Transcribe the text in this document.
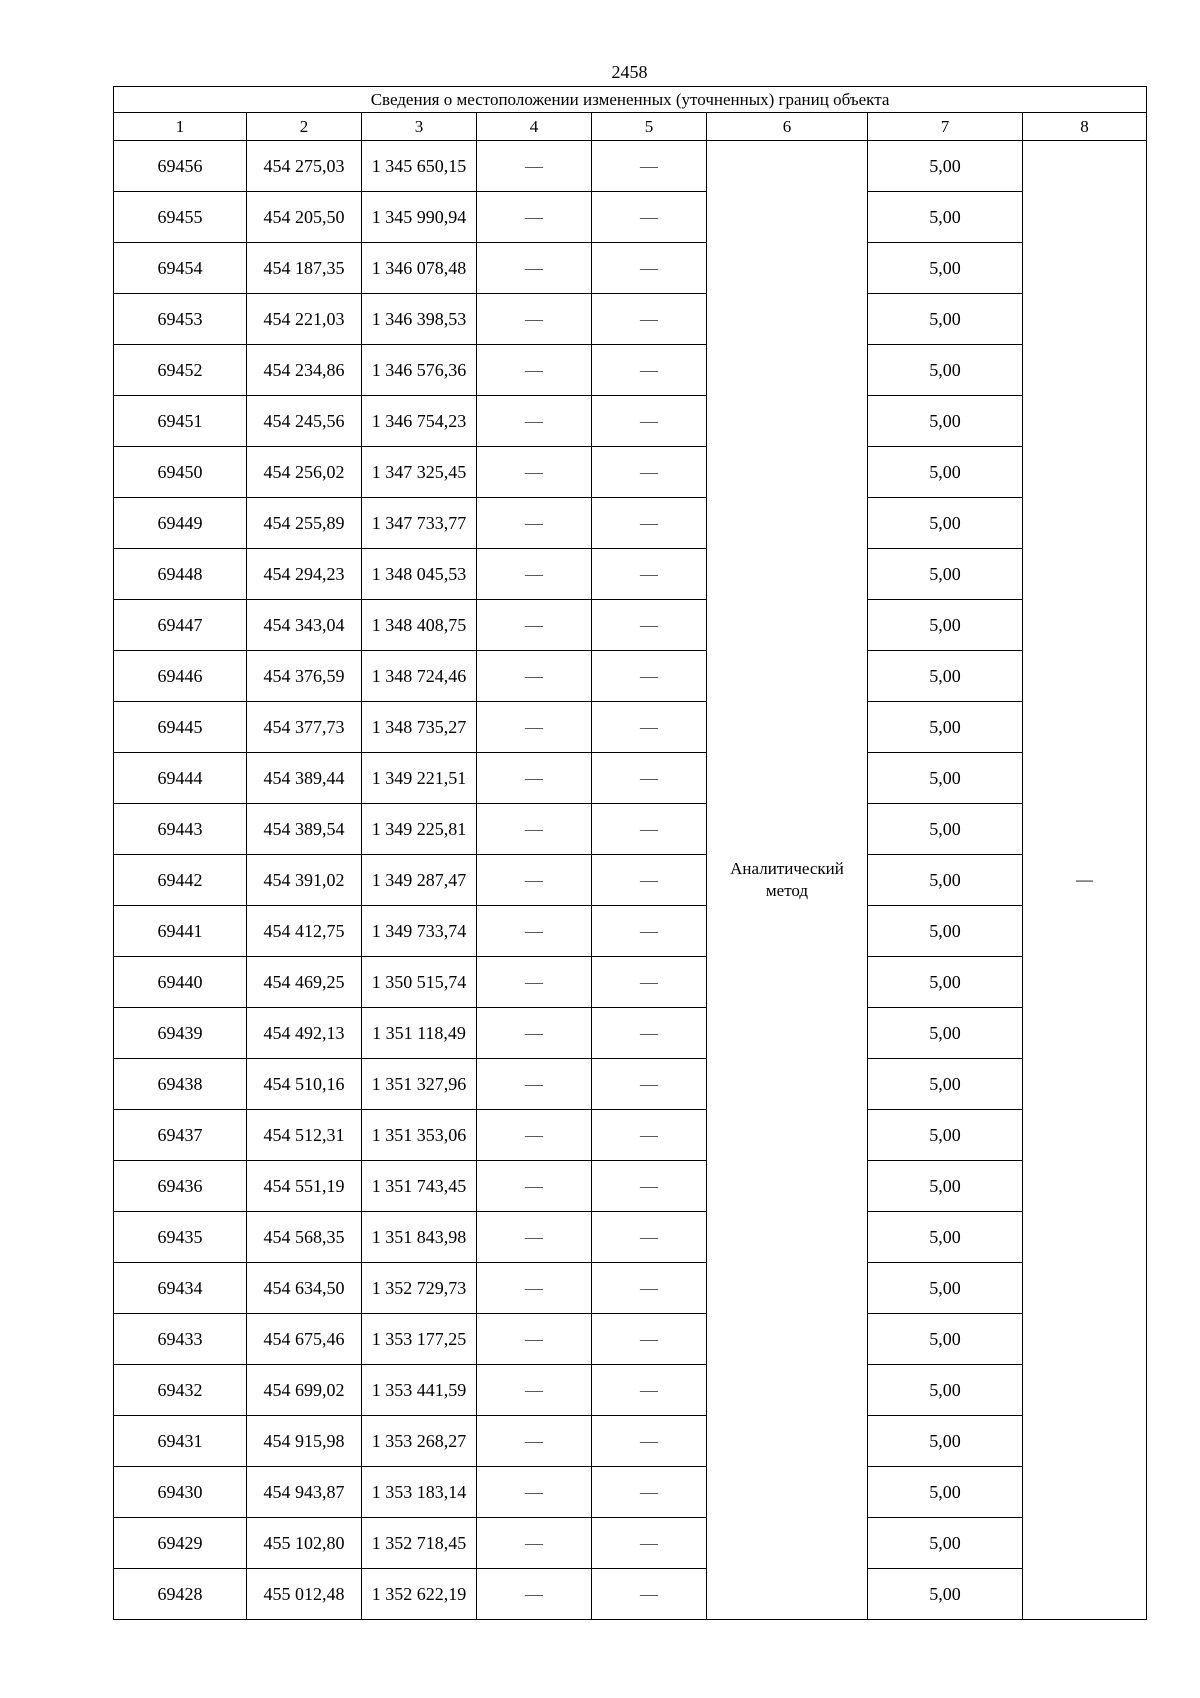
2458
Сведения о местоположении измененных (уточненных) границ объекта							
1	2	3	4	5	6	7	8
69456	454 275,03	1 345 650,15	—	—	Аналитический метод	5,00	—
69455	454 205,50	1 345 990,94	—	—		5,00	
69454	454 187,35	1 346 078,48	—	—		5,00	
69453	454 221,03	1 346 398,53	—	—		5,00	
69452	454 234,86	1 346 576,36	—	—		5,00	
69451	454 245,56	1 346 754,23	—	—		5,00	
69450	454 256,02	1 347 325,45	—	—		5,00	
69449	454 255,89	1 347 733,77	—	—		5,00	
69448	454 294,23	1 348 045,53	—	—		5,00	
69447	454 343,04	1 348 408,75	—	—		5,00	
69446	454 376,59	1 348 724,46	—	—		5,00	
69445	454 377,73	1 348 735,27	—	—		5,00	
69444	454 389,44	1 349 221,51	—	—		5,00	
69443	454 389,54	1 349 225,81	—	—		5,00	
69442	454 391,02	1 349 287,47	—	—		5,00	
69441	454 412,75	1 349 733,74	—	—		5,00	
69440	454 469,25	1 350 515,74	—	—		5,00	
69439	454 492,13	1 351 118,49	—	—		5,00	
69438	454 510,16	1 351 327,96	—	—		5,00	
69437	454 512,31	1 351 353,06	—	—		5,00	
69436	454 551,19	1 351 743,45	—	—		5,00	
69435	454 568,35	1 351 843,98	—	—		5,00	
69434	454 634,50	1 352 729,73	—	—		5,00	
69433	454 675,46	1 353 177,25	—	—		5,00	
69432	454 699,02	1 353 441,59	—	—		5,00	
69431	454 915,98	1 353 268,27	—	—		5,00	
69430	454 943,87	1 353 183,14	—	—		5,00	
69429	455 102,80	1 352 718,45	—	—		5,00	
69428	455 012,48	1 352 622,19	—	—		5,00	
